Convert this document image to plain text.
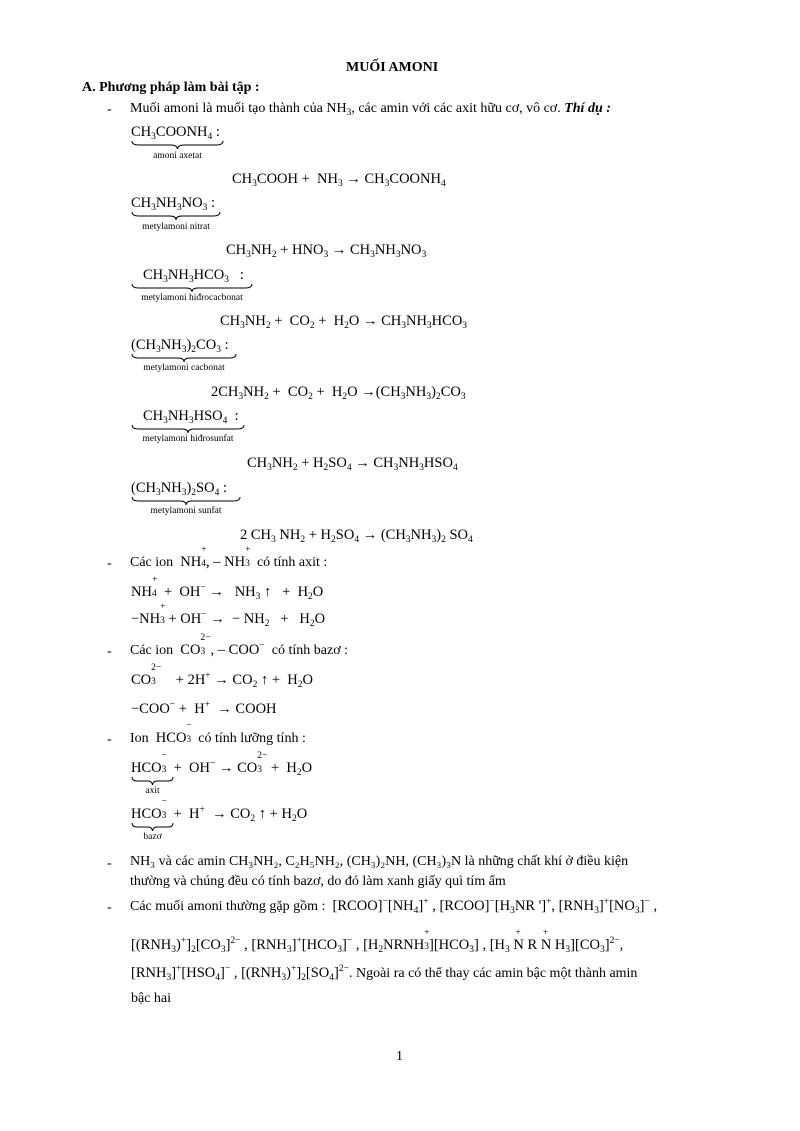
MUỐI AMONI
A. Phương pháp làm bài tập :
- Muối amoni là muối tạo thành của $NH_3$, các amin với các axit hữu cơ, vô cơ. Thí dụ :
$CH_3COONH_4$ :
amoni axetat
$CH_3COOH + NH_3$ → $CH_3COONH_4$
$CH_3NH_3NO_3$ :
metylamoni nitrat
$CH_3NH_2 + HNO_3 \to CH_3NH_3NO_3$
$CH_3NH_3HCO_3$   :
metylamoni hiđrocacbonat
$CH_3NH_2 + CO_2 + H_2O \to CH_3NH_3HCO_3$
$(CH_3NH_3)_2CO_3$ :
metylamoni cacbonat
$2CH_3NH_2 + CO_2 + H_2O \to(CH_3NH_3)_2CO_3$
$CH_3NH_3HSO_4$  :
metylamoni hiđrosunfat
$CH_3NH_2 + H_2SO_4 \to CH_3NH_3HSO_4$
$(CH_3NH_3)_2SO_4$ :
metylamoni sunfat
2 $CH_3$ $NH_2 + H_2SO_4 \to (CH_3NH_3)_2$ $SO_4$
- Các ion  NH
+
4 , – NH
+
3 có tính axit :
NH
+
$4 + OH^- \to NH_3$ ↑   +  $H_2O$
−NH
+
3 + OH− →  − $NH_2 + H_2O$
- Các ion  CO
2−
3 , – COO− có tính bazơ :
CO
2−
$3 + 2H^+ \to CO_2$ ↑ +  $H_2O$
−COO− +  H+  → COOH
- Ion  HCO
−
3 có tính lưỡng tính :
HCO
−
3 +  OH− → CO
2−
$3 + H_2O$
axit
HCO
−
$3 + H^+ \to CO_2$ ↑ + $H_2O$
bazơ
- NH₃ và các amin CH₃NH₂, C₂H₅NH₂, (CH₃)₂NH, (CH₃)₃N là những chất khí ở điều kiện
thường và chúng đều có tính bazơ, do đó làm xanh giấy quì tím ẩm
- Các muối amoni thường gặp gồm :  $[RCOO]^-[NH_4]^+$ , $[RCOO]^-[H_3NR$ ']+, $[RNH_3]^+[NO_3]^-$ ,
$[(RNH_3)^+]_2[CO_3]^{2-}$ , $[RNH_3]^+[HCO_3]^-$ , [$H_2NRNH$
+
3 ]$[HCO_3]$ , [$H_3$
+
N R
+
N $H_3][CO_3]^{2-}$,
$[RNH_3]^+[HSO_4]^-$ , $[(RNH_3)^+]_2[SO_4]^{2-}$. Ngoài ra có thể thay các amin bậc một thành amin
bậc hai
1
